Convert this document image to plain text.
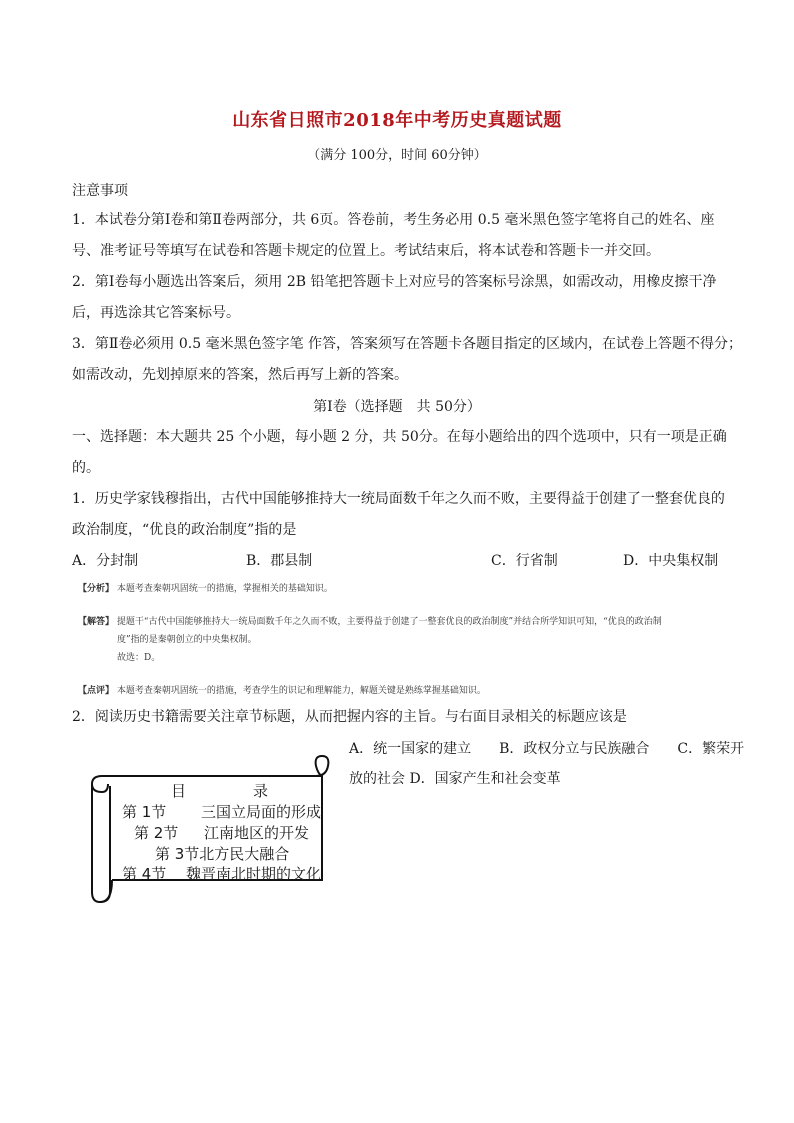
山东省日照市2018年中考历史真题试题
（满分 100分，时间 60分钟）
注意事项
1．本试卷分第Ⅰ卷和第Ⅱ卷两部分，共 6页。答卷前，考生务必用 0.5 毫米黑色签字笔将自己的姓名、座
号、准考证号等填写在试卷和答题卡规定的位置上。考试结束后，将本试卷和答题卡一并交回。
2．第Ⅰ卷每小题选出答案后，须用 2B 铅笔把答题卡上对应号的答案标号涂黑，如需改动，用橡皮擦干净
后，再选涂其它答案标号。
3．第Ⅱ卷必须用 0.5 毫米黑色签字笔 作答，答案须写在答题卡各题目指定的区域内，在试卷上答题不得分；
如需改动，先划掉原来的答案，然后再写上新的答案。
第Ⅰ卷（选择题　共 50分）
一、选择题：本大题共 25 个小题，每小题 2 分，共 50分。在每小题给出的四个选项中，只有一项是正确
的。
1．历史学家钱穆指出，古代中国能够推持大一统局面数千年之久而不败，主要得益于创建了一整套优良的
政治制度，“优良的政治制度”指的是
A．分封制	B．郡县制	C．行省制	D．中央集权制
【分析】 本题考查秦朝巩固统一的措施，掌握相关的基础知识。
【解答】 提题干“古代中国能够推持大一统局面数千年之久而不败，主要得益于创建了一整套优良的政治制度”并结合所学知识可知，“优良的政治制
度”指的是秦朝创立的中央集权制。
故选：D。
【点评】 本题考查秦朝巩固统一的措施，考查学生的识记和理解能力，解题关键是熟练掌握基础知识。
2．阅读历史书籍需要关注章节标题，从而把握内容的主旨。与右面目录相关的标题应该是
A．统一国家的建立　　B．政权分立与民族融合　　C．繁荣开
放的社会 D．国家产生和社会变革
目	录
第 1节 三国立局面的形成
第 2节 江南地区的开发
第 3节北方民大融合
第 4节 魏晋南北时期的文化
